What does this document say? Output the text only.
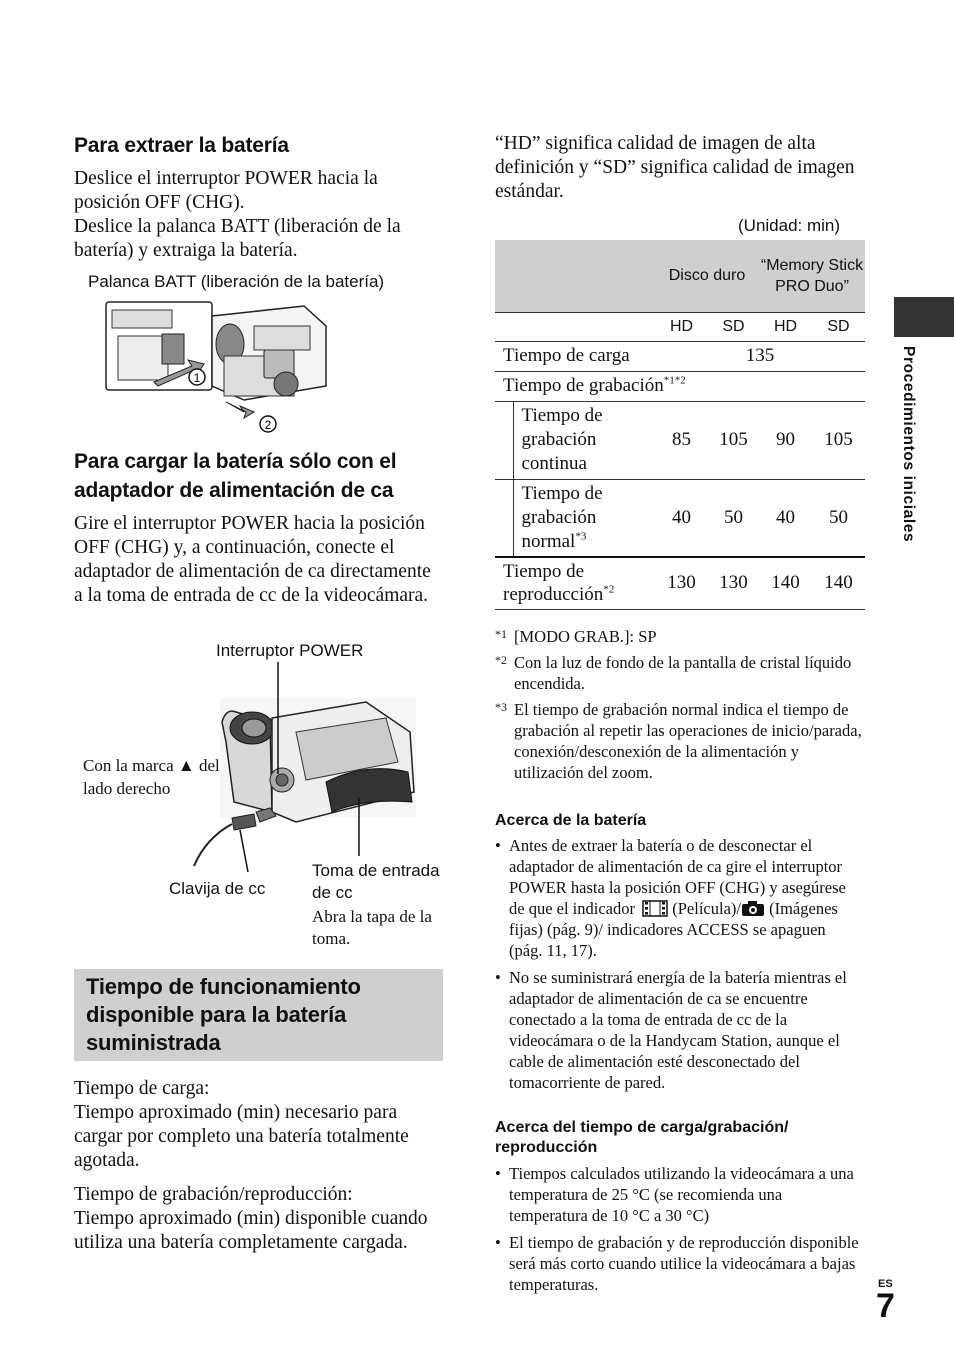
Para extraer la batería

Deslice el interruptor POWER hacia la posición OFF (CHG).

Deslice la palanca BATT (liberación de la batería) y extraiga la batería.

Palanca BATT (liberación de la batería)
1
2
Para cargar la batería sólo con el adaptador de alimentación de ca
Gire el interruptor POWER hacia la posición OFF (CHG) y, a continuación, conecte el adaptador de alimentación de ca directamente a la toma de entrada de cc de la videocámara.
Interruptor POWER
Con la marca ▲ del lado derecho
Clavija de cc
Toma de entrada de cc
Abra la tapa de la toma.
Tiempo de funcionamiento disponible para la batería suministrada

Tiempo de carga:

Tiempo aproximado (min) necesario para cargar por completo una batería totalmente agotada.

Tiempo de grabación/reproducción:

Tiempo aproximado (min) disponible cuando utiliza una batería completamente cargada.

“HD” significa calidad de imagen de alta definición y “SD” significa calidad de imagen estándar.
(Unidad: min)
		Disco duro		“Memory Stick PRO Duo”	
		HD	SD	HD	SD
Tiempo de carga		135			
Tiempo de grabación$^{*1*2}$
	Tiempo de grabación continua	85	105	90	105
	Tiempo de grabación normal$^{*3}$	40	50	40	50
Tiempo de reproducción$^{*2}$		130	130	140	140
*1 [MODO GRAB.]: SP
*2 Con la luz de fondo de la pantalla de cristal líquido encendida.
*3 El tiempo de grabación normal indica el tiempo de grabación al repetir las operaciones de inicio/parada, conexión/desconexión de la alimentación y utilización del zoom.
Acerca de la batería
• Antes de extraer la batería o de desconectar el adaptador de alimentación de ca gire el interruptor POWER hasta la posición OFF (CHG) y asegúrese de que el indicador (Película)/ (Imágenes fijas) (pág. 9)/ indicadores ACCESS se apaguen (pág. 11, 17).
• No se suministrará energía de la batería mientras el adaptador de alimentación de ca se encuentre conectado a la toma de entrada de cc de la videocámara o de la Handycam Station, aunque el cable de alimentación esté desconectado del tomacorriente de pared.
Acerca del tiempo de carga/grabación/ reproducción
• Tiempos calculados utilizando la videocámara a una temperatura de 25 °C (se recomienda una temperatura de 10 °C a 30 °C)
• El tiempo de grabación y de reproducción disponible será más corto cuando utilice la videocámara a bajas temperaturas.
Procedimientos iniciales
ES
7
